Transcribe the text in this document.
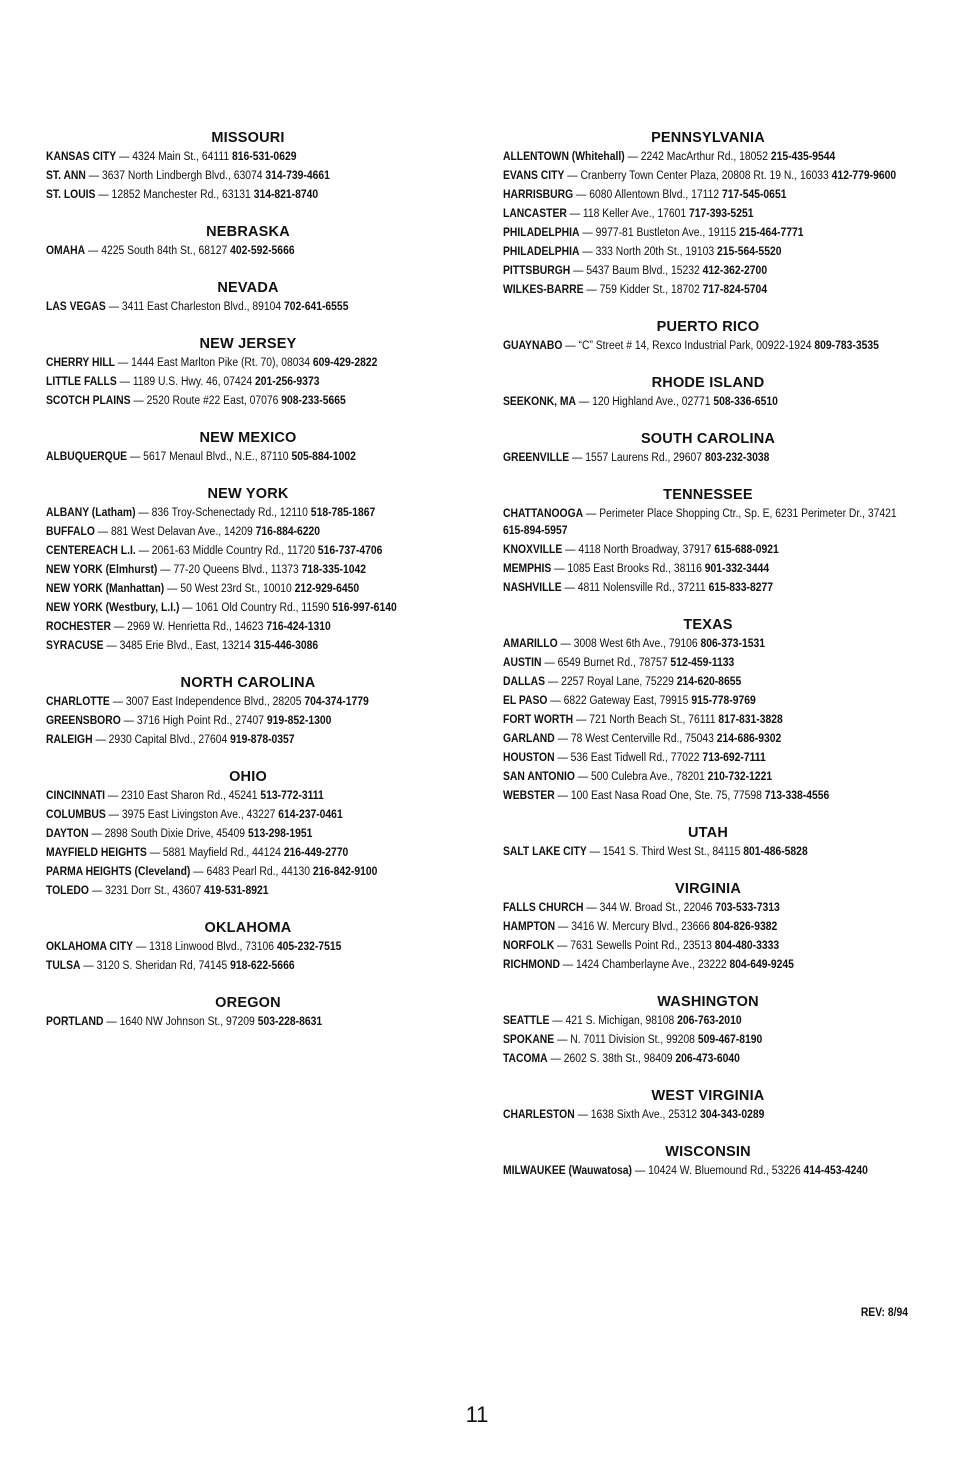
MISSOURI
KANSAS CITY — 4324 Main St., 64111 816-531-0629
ST. ANN — 3637 North Lindbergh Blvd., 63074 314-739-4661
ST. LOUIS — 12852 Manchester Rd., 63131 314-821-8740
NEBRASKA
OMAHA — 4225 South 84th St., 68127 402-592-5666
NEVADA
LAS VEGAS — 3411 East Charleston Blvd., 89104 702-641-6555
NEW JERSEY
CHERRY HILL — 1444 East Marlton Pike (Rt. 70), 08034 609-429-2822
LITTLE FALLS — 1189 U.S. Hwy. 46, 07424 201-256-9373
SCOTCH PLAINS — 2520 Route #22 East, 07076 908-233-5665
NEW MEXICO
ALBUQUERQUE — 5617 Menaul Blvd., N.E., 87110 505-884-1002
NEW YORK
ALBANY (Latham) — 836 Troy-Schenectady Rd., 12110 518-785-1867
BUFFALO — 881 West Delavan Ave., 14209 716-884-6220
CENTEREACH L.I. — 2061-63 Middle Country Rd., 11720 516-737-4706
NEW YORK (Elmhurst) — 77-20 Queens Blvd., 11373 718-335-1042
NEW YORK (Manhattan) — 50 West 23rd St., 10010 212-929-6450
NEW YORK (Westbury, L.I.) — 1061 Old Country Rd., 11590 516-997-6140
ROCHESTER — 2969 W. Henrietta Rd., 14623 716-424-1310
SYRACUSE — 3485 Erie Blvd., East, 13214 315-446-3086
NORTH CAROLINA
CHARLOTTE — 3007 East Independence Blvd., 28205 704-374-1779
GREENSBORO — 3716 High Point Rd., 27407 919-852-1300
RALEIGH — 2930 Capital Blvd., 27604 919-878-0357
OHIO
CINCINNATI — 2310 East Sharon Rd., 45241 513-772-3111
COLUMBUS — 3975 East Livingston Ave., 43227 614-237-0461
DAYTON — 2898 South Dixie Drive, 45409 513-298-1951
MAYFIELD HEIGHTS — 5881 Mayfield Rd., 44124 216-449-2770
PARMA HEIGHTS (Cleveland) — 6483 Pearl Rd., 44130 216-842-9100
TOLEDO — 3231 Dorr St., 43607 419-531-8921
OKLAHOMA
OKLAHOMA CITY — 1318 Linwood Blvd., 73106 405-232-7515
TULSA — 3120 S. Sheridan Rd, 74145 918-622-5666
OREGON
PORTLAND — 1640 NW Johnson St., 97209 503-228-8631
PENNSYLVANIA
ALLENTOWN (Whitehall) — 2242 MacArthur Rd., 18052 215-435-9544
EVANS CITY — Cranberry Town Center Plaza, 20808 Rt. 19 N., 16033 412-779-9600
HARRISBURG — 6080 Allentown Blvd., 17112 717-545-0651
LANCASTER — 118 Keller Ave., 17601 717-393-5251
PHILADELPHIA — 9977-81 Bustleton Ave., 19115 215-464-7771
PHILADELPHIA — 333 North 20th St., 19103 215-564-5520
PITTSBURGH — 5437 Baum Blvd., 15232 412-362-2700
WILKES-BARRE — 759 Kidder St., 18702 717-824-5704
PUERTO RICO
GUAYNABO — “C” Street # 14, Rexco Industrial Park, 00922-1924 809-783-3535
RHODE ISLAND
SEEKONK, MA — 120 Highland Ave., 02771 508-336-6510
SOUTH CAROLINA
GREENVILLE — 1557 Laurens Rd., 29607 803-232-3038
TENNESSEE
CHATTANOOGA — Perimeter Place Shopping Ctr., Sp. E, 6231 Perimeter Dr., 37421 615-894-5957
KNOXVILLE — 4118 North Broadway, 37917 615-688-0921
MEMPHIS — 1085 East Brooks Rd., 38116 901-332-3444
NASHVILLE — 4811 Nolensville Rd., 37211 615-833-8277
TEXAS
AMARILLO — 3008 West 6th Ave., 79106 806-373-1531
AUSTIN — 6549 Burnet Rd., 78757 512-459-1133
DALLAS — 2257 Royal Lane, 75229 214-620-8655
EL PASO — 6822 Gateway East, 79915 915-778-9769
FORT WORTH — 721 North Beach St., 76111 817-831-3828
GARLAND — 78 West Centerville Rd., 75043 214-686-9302
HOUSTON — 536 East Tidwell Rd., 77022 713-692-7111
SAN ANTONIO — 500 Culebra Ave., 78201 210-732-1221
WEBSTER — 100 East Nasa Road One, Ste. 75, 77598 713-338-4556
UTAH
SALT LAKE CITY — 1541 S. Third West St., 84115 801-486-5828
VIRGINIA
FALLS CHURCH — 344 W. Broad St., 22046 703-533-7313
HAMPTON — 3416 W. Mercury Blvd., 23666 804-826-9382
NORFOLK — 7631 Sewells Point Rd., 23513 804-480-3333
RICHMOND — 1424 Chamberlayne Ave., 23222 804-649-9245
WASHINGTON
SEATTLE — 421 S. Michigan, 98108 206-763-2010
SPOKANE — N. 7011 Division St., 99208 509-467-8190
TACOMA — 2602 S. 38th St., 98409 206-473-6040
WEST VIRGINIA
CHARLESTON — 1638 Sixth Ave., 25312 304-343-0289
WISCONSIN
MILWAUKEE (Wauwatosa) — 10424 W. Bluemound Rd., 53226 414-453-4240
REV: 8/94
11
